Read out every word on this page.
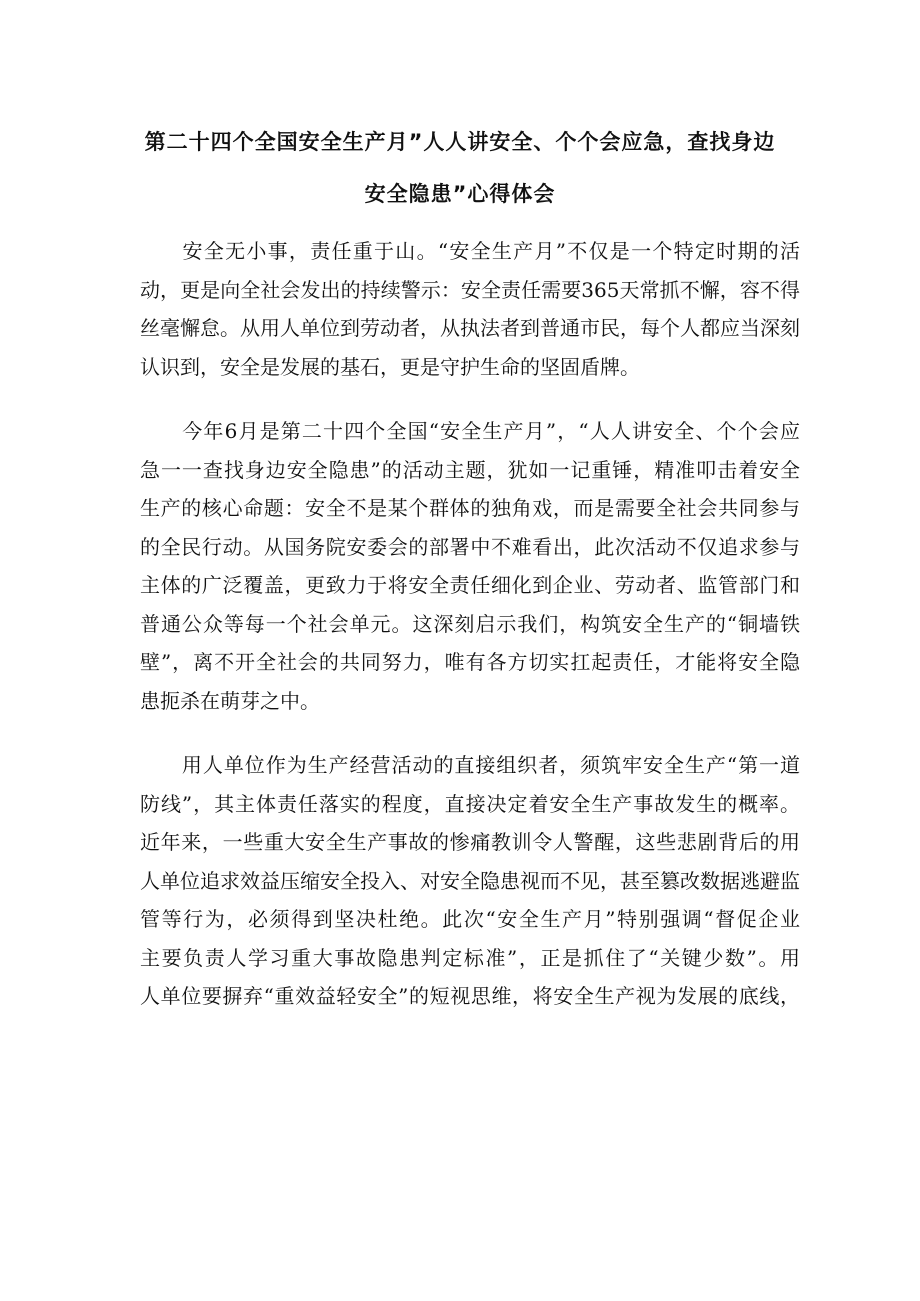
第二十四个全国安全生产月”人人讲安全、个个会应急，查找身边
安全隐患”心得体会
　　安全无小事，责任重于山。“安全生产月”不仅是一个特定时期的活
动，更是向全社会发出的持续警示：安全责任需要365天常抓不懈，容不得
丝毫懈怠。从用人单位到劳动者，从执法者到普通市民，每个人都应当深刻
认识到，安全是发展的基石，更是守护生命的坚固盾牌。
　　今年6月是第二十四个全国“安全生产月”，“人人讲安全、个个会应
急一一查找身边安全隐患”的活动主题，犹如一记重锤，精准叩击着安全
生产的核心命题：安全不是某个群体的独角戏，而是需要全社会共同参与
的全民行动。从国务院安委会的部署中不难看出，此次活动不仅追求参与
主体的广泛覆盖，更致力于将安全责任细化到企业、劳动者、监管部门和
普通公众等每一个社会单元。这深刻启示我们，构筑安全生产的“铜墙铁
壁”，离不开全社会的共同努力，唯有各方切实扛起责任，才能将安全隐
患扼杀在萌芽之中。
　　用人单位作为生产经营活动的直接组织者，须筑牢安全生产“第一道
防线”，其主体责任落实的程度，直接决定着安全生产事故发生的概率。
近年来，一些重大安全生产事故的惨痛教训令人警醒，这些悲剧背后的用
人单位追求效益压缩安全投入、对安全隐患视而不见，甚至篡改数据逃避监
管等行为，必须得到坚决杜绝。此次“安全生产月”特别强调“督促企业
主要负责人学习重大事故隐患判定标准”，正是抓住了“关键少数”。用
人单位要摒弃“重效益轻安全”的短视思维，将安全生产视为发展的底线，
